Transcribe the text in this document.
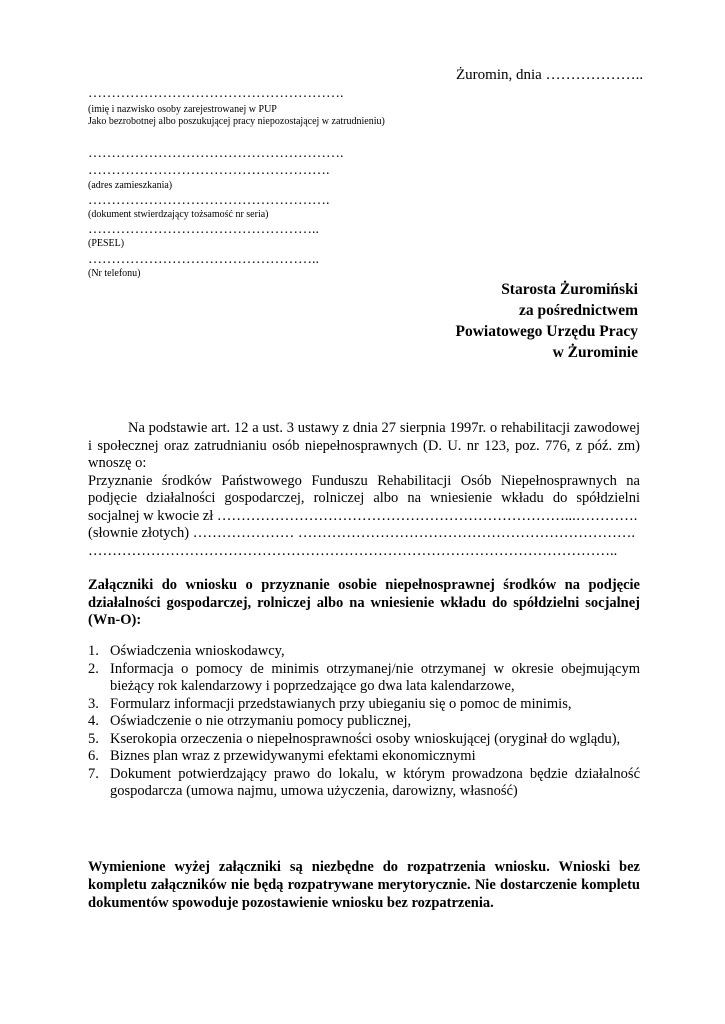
Żuromin, dnia ………………..
……………………………………………….
(imię i nazwisko osoby zarejestrowanej w PUP
Jako bezrobotnej albo poszukującej pracy niepozostającej w zatrudnieniu)
……………………………………………….
…………………………………………….
(adres zamieszkania)
…………………………………………….
(dokument stwierdzający tożsamość nr seria)
…………………………………………..
(PESEL)
…………………………………………..
(Nr telefonu)
Starosta Żuromiński
za pośrednictwem
Powiatowego Urzędu Pracy
w Żurominie

Na podstawie art. 12 a ust. 3 ustawy z dnia 27 sierpnia 1997r. o rehabilitacji zawodowej i społecznej oraz zatrudnianiu osób niepełnosprawnych (D. U. nr 123, poz. 776, z póź. zm) wnoszę o:

Przyznanie środków Państwowego Funduszu Rehabilitacji Osób Niepełnosprawnych na podjęcie działalności gospodarczej, rolniczej albo na wniesienie wkładu do spółdzielni socjalnej w kwocie zł ………………………………………………………………...………….

(słownie złotych) ………………… …………………………………………………………….

………………………………………………………………………………………………..

Załączniki do wniosku o przyznanie osobie niepełnosprawnej środków na podjęcie działalności gospodarczej, rolniczej albo na wniesienie wkładu do spółdzielni socjalnej (Wn-O):
1. Oświadczenia wnioskodawcy,
2. Informacja o pomocy de minimis otrzymanej/nie otrzymanej w okresie obejmującym bieżący rok kalendarzowy i poprzedzające go dwa lata kalendarzowe,
3. Formularz informacji przedstawianych przy ubieganiu się o pomoc de minimis,
4. Oświadczenie o nie otrzymaniu pomocy publicznej,
5. Kserokopia orzeczenia o niepełnosprawności osoby wnioskującej (oryginał do wglądu),
6. Biznes plan wraz z przewidywanymi efektami ekonomicznymi
7. Dokument potwierdzający prawo do lokalu, w którym prowadzona będzie działalność gospodarcza (umowa najmu, umowa użyczenia, darowizny, własność)
Wymienione wyżej załączniki są niezbędne do rozpatrzenia wniosku. Wnioski bez kompletu załączników nie będą rozpatrywane merytorycznie. Nie dostarczenie kompletu dokumentów spowoduje pozostawienie wniosku bez rozpatrzenia.
